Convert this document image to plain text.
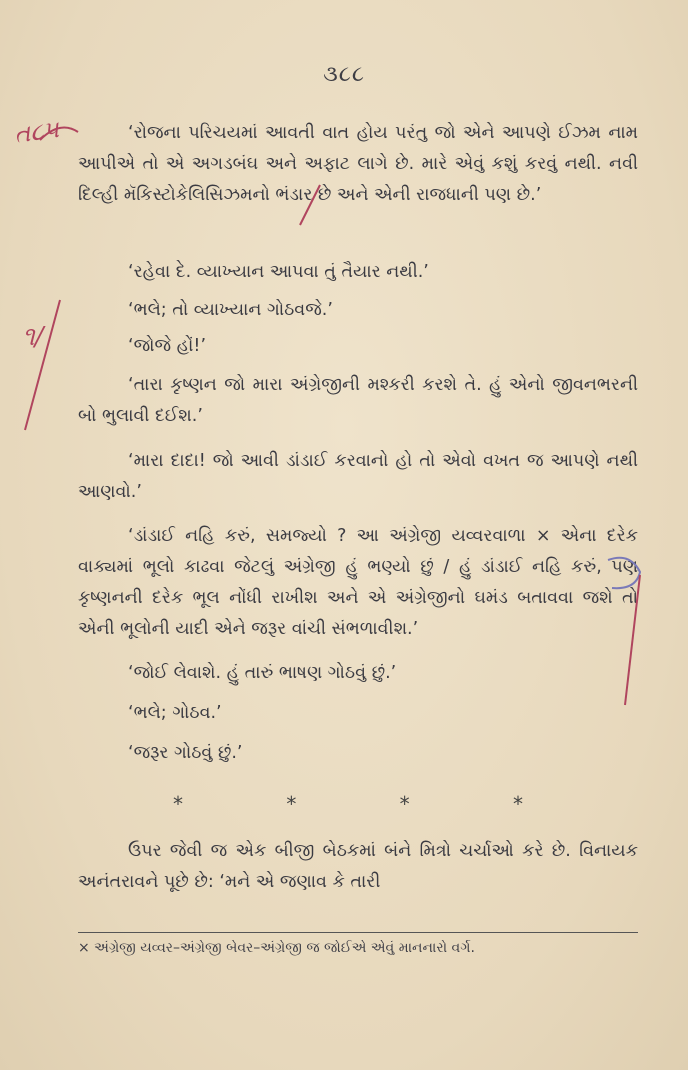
૩૮૮
ત૮૫
૧/

‘રોજના પરિચયમાં આવતી વાત હોય પરંતુ જો એને આપણે ઈઝમ નામ આપીએ તો એ અગડબંઘ અને અફાટ લાગે છે. મારે એવું કશું કરવું નથી. નવી દિલ્હી મૅકિસ્ટોકેલિસિઝમનો ભંડાર છે અને એની રાજધાની પણ છે.’

‘રહેવા દે. વ્યાખ્યાન આપવા તું તૈયાર નથી.’
‘ભલે; તો વ્યાખ્યાન ગોઠવજે.’
‘જોજે હોં!’

‘તારા કૃષ્ણન જો મારા અંગ્રેજીની મશ્કરી કરશે તે. હું એનો જીવનભરની બો ભુલાવી દઈશ.’

‘મારા દાદા! જો આવી ડાંડાઈ કરવાનો હો તો એવો વખત જ આપણે નથી આણવો.’

‘ડાંડાઈ નહિ કરું, સમજ્યો ? આ અંગ્રેજી યવ્વરવાળા × એના દરેક વાક્યમાં ભૂલો કાઢવા જેટલું અંગ્રેજી હું ભણ્યો છું / હું ડાંડાઈ નહિ કરું, પણ કૃષ્ણનની દરેક ભૂલ નોંધી રાખીશ અને એ અંગ્રેજીનો ઘમંડ બતાવવા જશે તો એની ભૂલોની યાદી એને જરૂર વાંચી સંભળાવીશ.’

‘જોઈ લેવાશે. હું તારું ભાષણ ગોઠવું છું.’
‘ભલે; ગોઠવ.’
‘જરૂર ગોઠવું છું.’
*	*	*	*

ઉપર જેવી જ એક બીજી બેઠકમાં બંને મિત્રો ચર્ચાઓ કરે છે. વિનાયક અનંતરાવને પૂછે છે: ‘મને એ જણાવ કે તારી

× અંગ્રેજી યવ્વર–અંગ્રેજી બેવર–અંગ્રેજી જ જોઈએ એવું માનનારો વર્ગ.
